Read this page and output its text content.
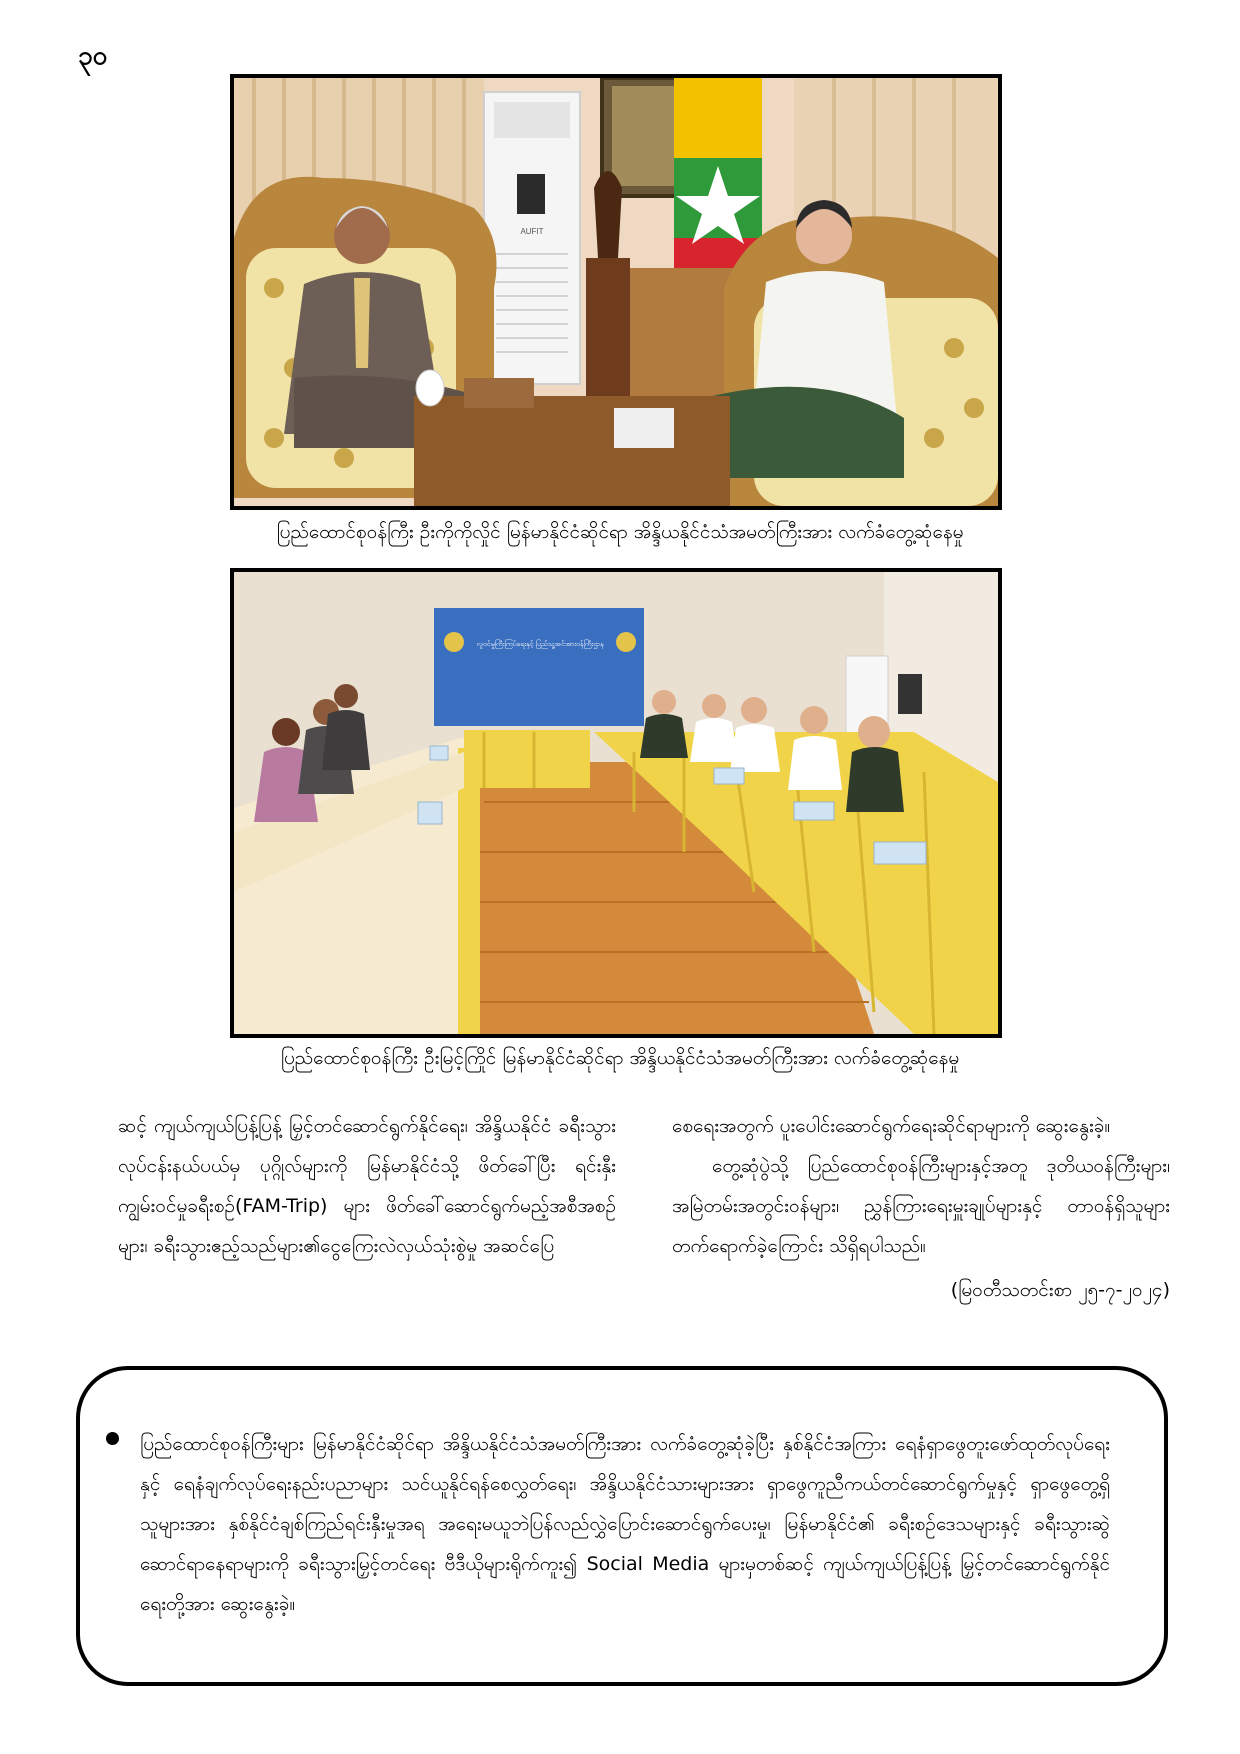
၃၀
AUFIT
ပြည်ထောင်စုဝန်ကြီး ဦးကိုကိုလှိုင် မြန်မာနိုင်ငံဆိုင်ရာ အိန္ဒိယနိုင်ငံသံအမတ်ကြီးအား လက်ခံတွေ့ဆုံနေမှု
လူဝင်မှုကြီးကြပ်ရေးနှင့် ပြည်သူ့အင်အားဝန်ကြီးဌာန
ပြည်ထောင်စုဝန်ကြီး ဦးမြင့်ကြိုင် မြန်မာနိုင်ငံဆိုင်ရာ အိန္ဒိယနိုင်ငံသံအမတ်ကြီးအား လက်ခံတွေ့ဆုံနေမှု

ဆင့် ကျယ်ကျယ်ပြန့်ပြန့် မြှင့်တင်ဆောင်ရွက်နိုင်ရေး၊ အိန္ဒိယနိုင်ငံ ခရီးသွားလုပ်ငန်းနယ်ပယ်မှ ပုဂ္ဂိုလ်များကို မြန်မာနိုင်ငံသို့ ဖိတ်ခေါ်ပြီး ရင်းနှီးကျွမ်းဝင်မှုခရီးစဉ်(FAM-Trip) များ ဖိတ်ခေါ်ဆောင်ရွက်မည့်အစီအစဉ်များ၊ ခရီးသွားဧည့်သည်များ၏ငွေကြေးလဲလှယ်သုံးစွဲမှု အဆင်ပြေ

စေရေးအတွက် ပူးပေါင်းဆောင်ရွက်ရေးဆိုင်ရာများကို ဆွေးနွေးခဲ့။

တွေ့ဆုံပွဲသို့ ပြည်ထောင်စုဝန်ကြီးများနှင့်အတူ ဒုတိယဝန်ကြီးများ၊ အမြဲတမ်းအတွင်းဝန်များ၊ ညွှန်ကြားရေးမှူးချုပ်များနှင့် တာဝန်ရှိသူများ တက်ရောက်ခဲ့ကြောင်း သိရှိရပါသည်။

(မြဝတီသတင်းစာ ၂၅-၇-၂၀၂၄)

ပြည်ထောင်စုဝန်ကြီးများ မြန်မာနိုင်ငံဆိုင်ရာ အိန္ဒိယနိုင်ငံသံအမတ်ကြီးအား လက်ခံတွေ့ဆုံခဲ့ပြီး နှစ်နိုင်ငံအကြား ရေနံရှာဖွေတူးဖော်ထုတ်လုပ်ရေးနှင့် ရေနံချက်လုပ်ရေးနည်းပညာများ သင်ယူနိုင်ရန်စေလွှတ်ရေး၊ အိန္ဒိယနိုင်ငံသားများအား ရှာဖွေကူညီကယ်တင်ဆောင်ရွက်မှုနှင့် ရှာဖွေတွေ့ရှိသူများအား နှစ်နိုင်ငံချစ်ကြည်ရင်းနှီးမှုအရ အရေးမယူဘဲပြန်လည်လွှဲပြောင်းဆောင်ရွက်ပေးမှု၊ မြန်မာနိုင်ငံ၏ ခရီးစဉ်ဒေသများနှင့် ခရီးသွားဆွဲဆောင်ရာနေရာများကို ခရီးသွားမြှင့်တင်ရေး ဗီဒီယိုများရိုက်ကူး၍ Social Media များမှတစ်ဆင့် ကျယ်ကျယ်ပြန့်ပြန့် မြှင့်တင်ဆောင်ရွက်နိုင်ရေးတို့အား ဆွေးနွေးခဲ့။
